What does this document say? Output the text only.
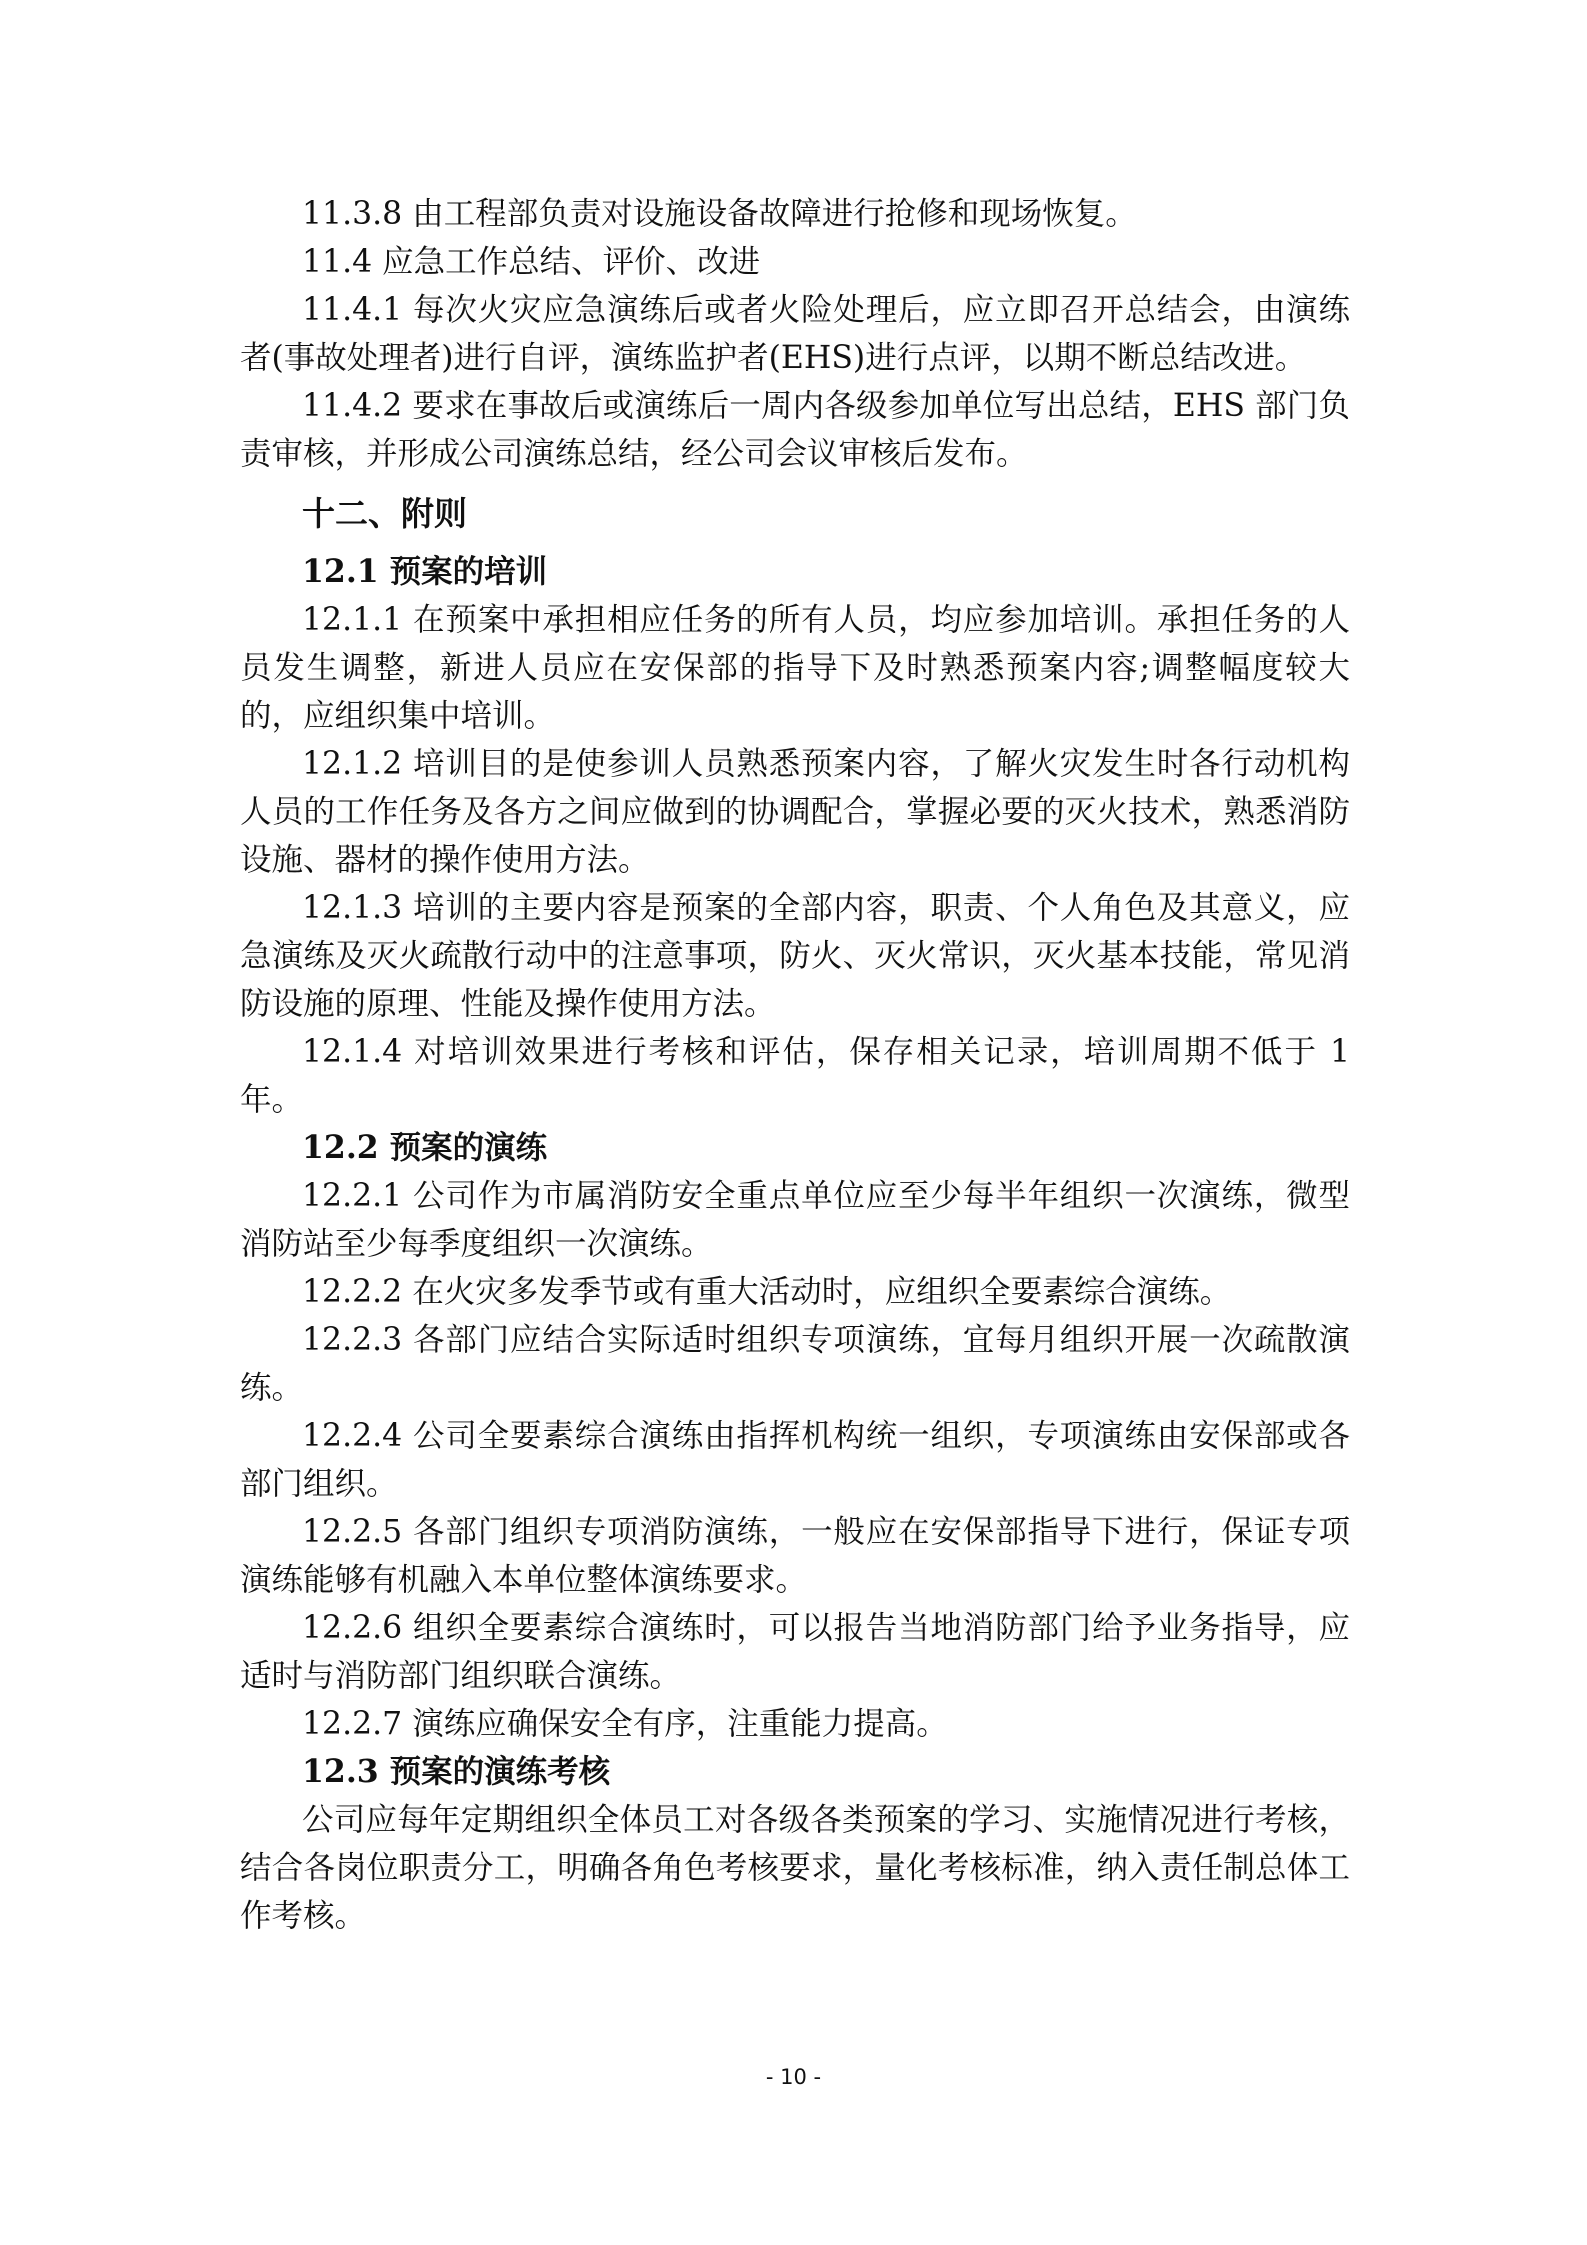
11.3.8 由工程部负责对设施设备故障进行抢修和现场恢复。

11.4 应急工作总结、评价、改进

11.4.1 每次火灾应急演练后或者火险处理后，应立即召开总结会，由演练者(事故处理者)进行自评，演练监护者(EHS)进行点评，以期不断总结改进。

11.4.2 要求在事故后或演练后一周内各级参加单位写出总结，EHS 部门负责审核，并形成公司演练总结，经公司会议审核后发布。

十二、附则

12.1 预案的培训

12.1.1 在预案中承担相应任务的所有人员，均应参加培训。承担任务的人员发生调整，新进人员应在安保部的指导下及时熟悉预案内容;调整幅度较大的，应组织集中培训。

12.1.2 培训目的是使参训人员熟悉预案内容，了解火灾发生时各行动机构人员的工作任务及各方之间应做到的协调配合，掌握必要的灭火技术，熟悉消防设施、器材的操作使用方法。

12.1.3 培训的主要内容是预案的全部内容，职责、个人角色及其意义，应急演练及灭火疏散行动中的注意事项，防火、灭火常识，灭火基本技能，常见消防设施的原理、性能及操作使用方法。

12.1.4 对培训效果进行考核和评估，保存相关记录，培训周期不低于 1 年。

12.2 预案的演练

12.2.1 公司作为市属消防安全重点单位应至少每半年组织一次演练，微型消防站至少每季度组织一次演练。

12.2.2 在火灾多发季节或有重大活动时，应组织全要素综合演练。

12.2.3 各部门应结合实际适时组织专项演练，宜每月组织开展一次疏散演练。

12.2.4 公司全要素综合演练由指挥机构统一组织，专项演练由安保部或各部门组织。

12.2.5 各部门组织专项消防演练，一般应在安保部指导下进行，保证专项演练能够有机融入本单位整体演练要求。

12.2.6 组织全要素综合演练时，可以报告当地消防部门给予业务指导，应适时与消防部门组织联合演练。

12.2.7 演练应确保安全有序，注重能力提高。

12.3 预案的演练考核

公司应每年定期组织全体员工对各级各类预案的学习、实施情况进行考核，结合各岗位职责分工，明确各角色考核要求，量化考核标准，纳入责任制总体工作考核。

- 10 -
